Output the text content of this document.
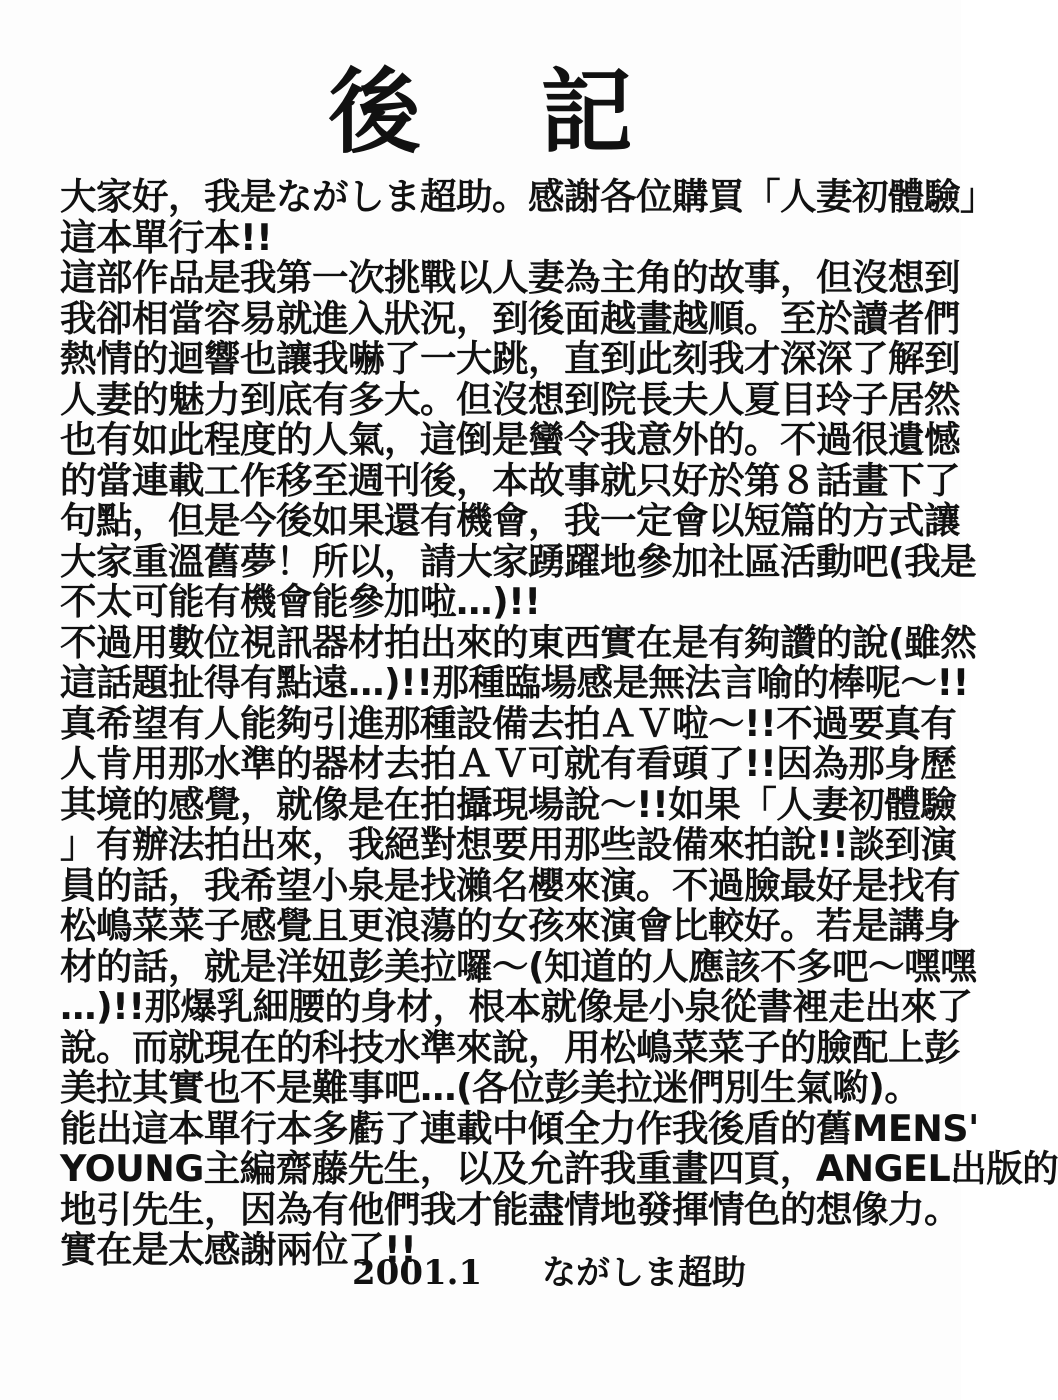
後 記
大家好，我是ながしま超助。感謝各位購買「人妻初體驗」
這本單行本!!
這部作品是我第一次挑戰以人妻為主角的故事，但沒想到
我卻相當容易就進入狀況，到後面越畫越順。至於讀者們
熱情的迴響也讓我嚇了一大跳，直到此刻我才深深了解到
人妻的魅力到底有多大。但沒想到院長夫人夏目玲子居然
也有如此程度的人氣，這倒是蠻令我意外的。不過很遺憾
的當連載工作移至週刊後，本故事就只好於第８話畫下了
句點，但是今後如果還有機會，我一定會以短篇的方式讓
大家重溫舊夢！所以，請大家踴躍地參加社區活動吧(我是
不太可能有機會能參加啦…)!!
不過用數位視訊器材拍出來的東西實在是有夠讚的說(雖然
這話題扯得有點遠…)!!那種臨場感是無法言喻的棒呢～!!
真希望有人能夠引進那種設備去拍ＡＶ啦～!!不過要真有
人肯用那水準的器材去拍ＡＶ可就有看頭了!!因為那身歷
其境的感覺，就像是在拍攝現場說～!!如果「人妻初體驗
」有辦法拍出來，我絕對想要用那些設備來拍說!!談到演
員的話，我希望小泉是找瀨名櫻來演。不過臉最好是找有
松嶋菜菜子感覺且更浪蕩的女孩來演會比較好。若是講身
材的話，就是洋妞彭美拉囉～(知道的人應該不多吧～嘿嘿
…)!!那爆乳細腰的身材，根本就像是小泉從書裡走出來了
說。而就現在的科技水準來說，用松嶋菜菜子的臉配上彭
美拉其實也不是難事吧…(各位彭美拉迷們別生氣喲)。
能出這本單行本多虧了連載中傾全力作我後盾的舊MENS'
YOUNG主編齋藤先生，以及允許我重畫四頁，ANGEL出版的
地引先生，因為有他們我才能盡情地發揮情色的想像力。
實在是太感謝兩位了!!
2001.1 ながしま超助
